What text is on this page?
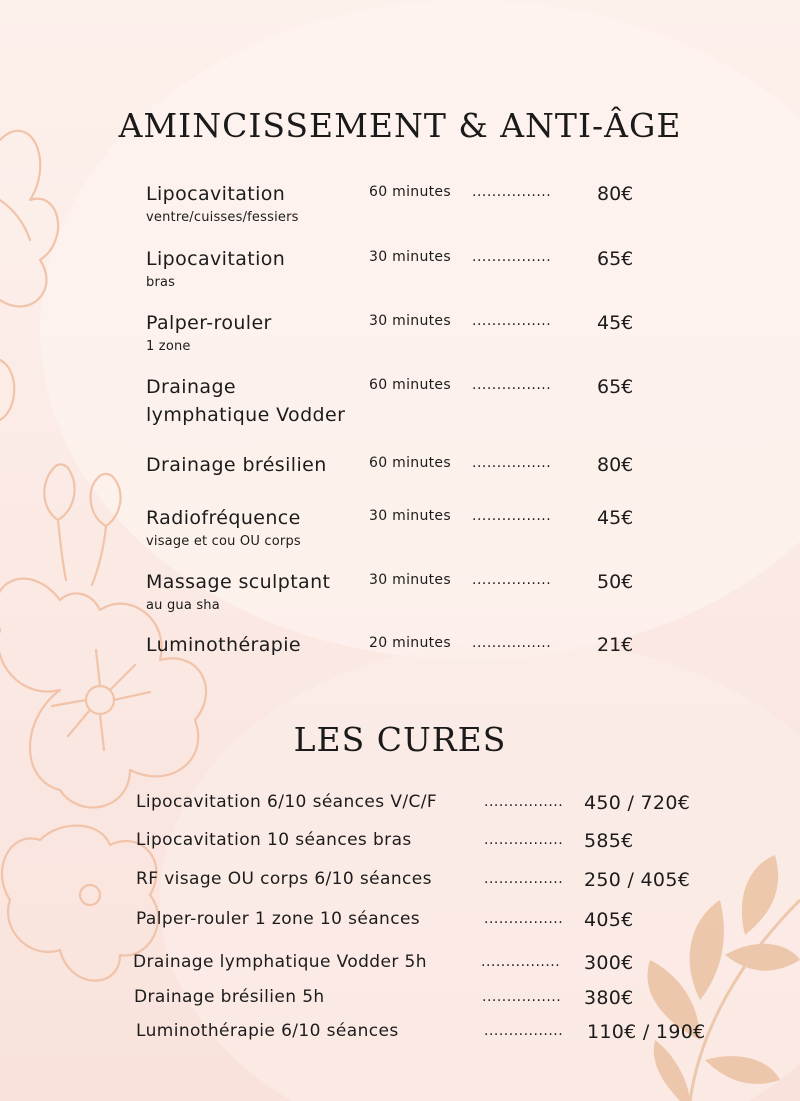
AMINCISSEMENT & ANTI-ÂGE
Lipocavitation
ventre/cuisses/fessiers
60 minutes ................ 80€
Lipocavitation
bras
30 minutes ................ 65€
Palper-rouler
1 zone
30 minutes ................ 45€
Drainage lymphatique Vodder
60 minutes ................ 65€
Drainage brésilien	60 minutes ................ 80€
Radiofréquence
visage et cou OU corps
30 minutes ................ 45€
Massage sculptant
au gua sha
30 minutes ................ 50€
Luminothérapie	20 minutes ................ 21€
LES CURES
Lipocavitation 6/10 séances V/C/F	................ 450 / 720€
Lipocavitation 10 séances bras	................ 585€
RF visage OU corps 6/10 séances	................ 250 / 405€
Palper-rouler 1 zone 10 séances	................ 405€
Drainage lymphatique Vodder 5h	................ 300€
Drainage brésilien 5h	................ 380€
Luminothérapie 6/10 séances	................ 110€ / 190€
